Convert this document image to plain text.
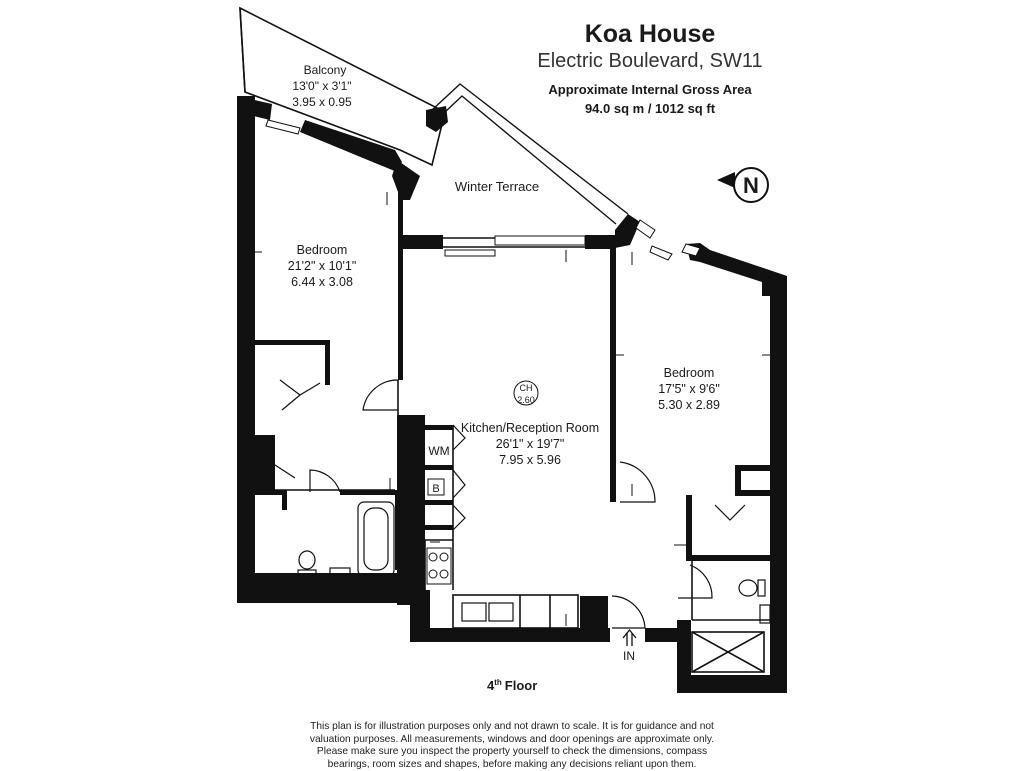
Koa House
Electric Boulevard, SW11
Approximate Internal Gross Area
94.0 sq m / 1012 sq ft
Balcony
13'0" x 3'1"
3.95 x 0.95
Winter Terrace
Bedroom
21'2" x 10'1"
6.44 x 3.08
Bedroom
17'5" x 9'6"
5.30 x 2.89
Kitchen/Reception Room
26'1" x 19'7"
7.95 x 5.96
CH
2.60
WM
B
IN
4th Floor
N
This plan is for illustration purposes only and not drawn to scale. It is for guidance and not
valuation purposes. All measurements, windows and door openings are approximate only.
Please make sure you inspect the property yourself to check the dimensions, compass
bearings, room sizes and shapes, before making any decisions reliant upon them.
